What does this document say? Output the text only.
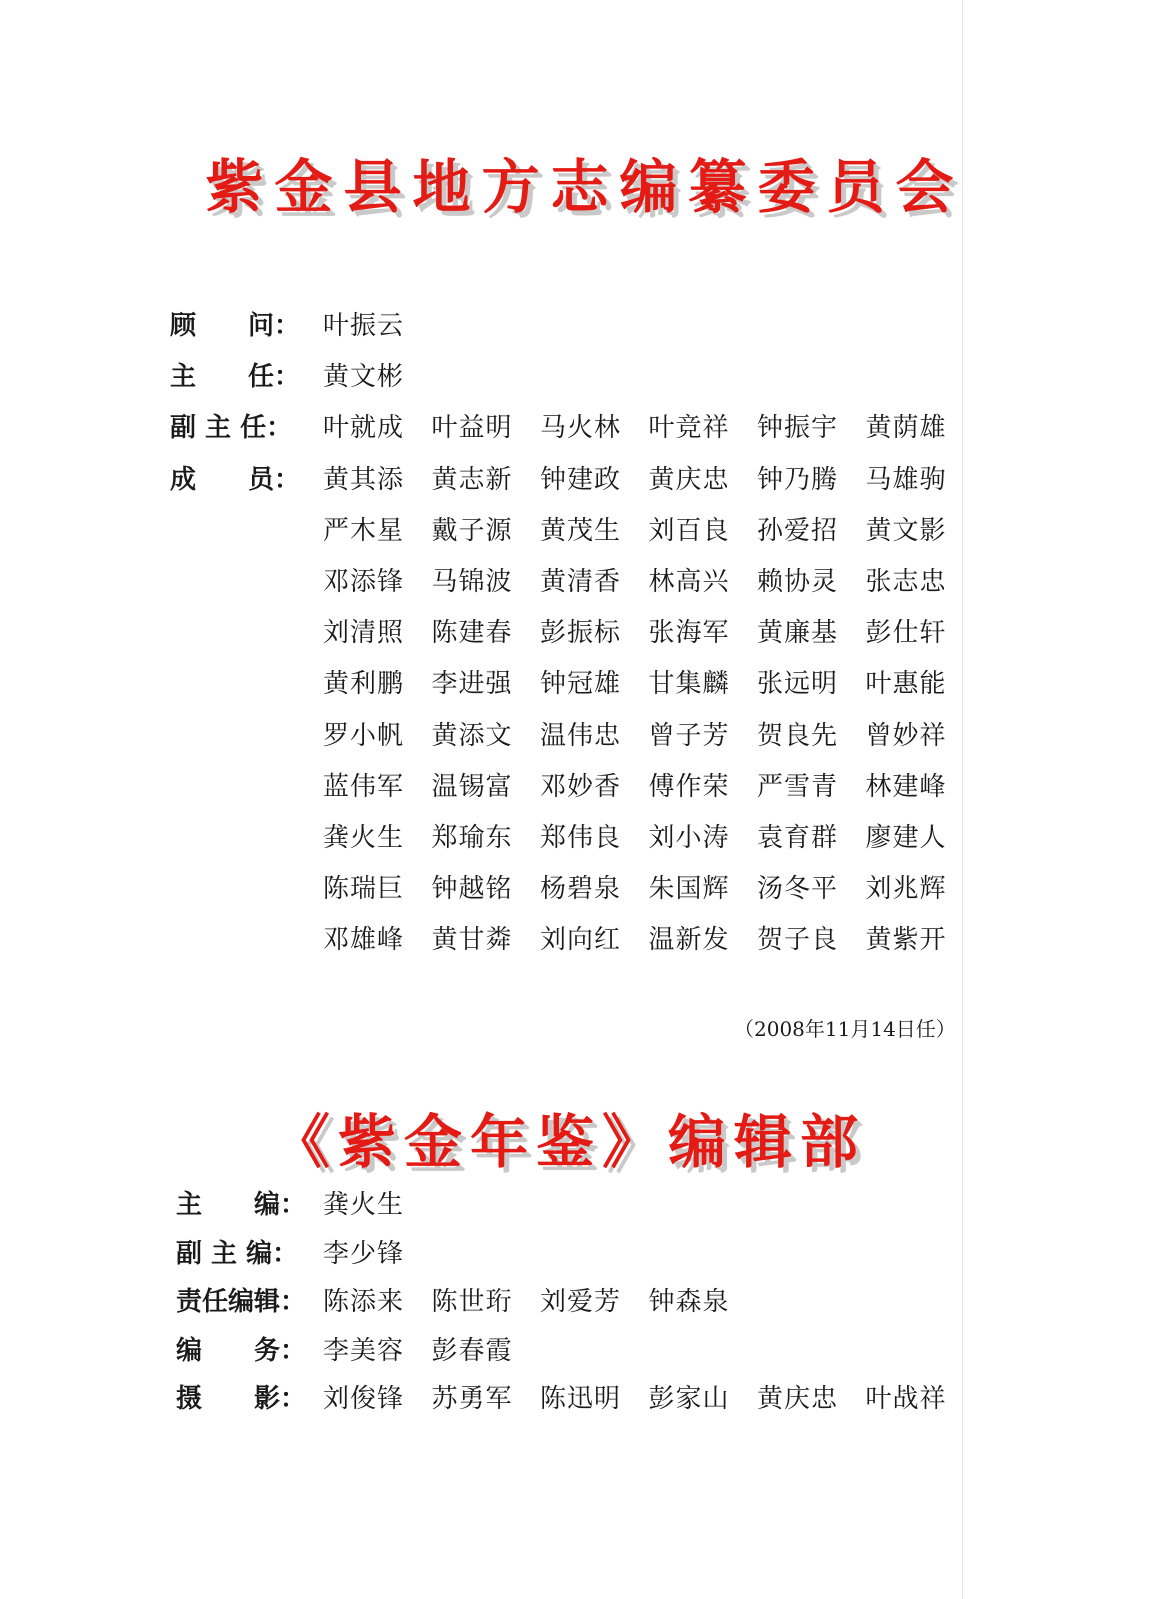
紫金县地方志编纂委员会
顾　　问： 叶振云
主　　任： 黄文彬
副 主 任： 叶就成 叶益明 马火林 叶竞祥 钟振宇 黄荫雄
成　　员： 黄其添 黄志新 钟建政 黄庆忠 钟乃腾 马雄驹
严木星 戴子源 黄茂生 刘百良 孙爱招 黄文影
邓添锋 马锦波 黄清香 林高兴 赖协灵 张志忠
刘清照 陈建春 彭振标 张海军 黄廉基 彭仕轩
黄利鹏 李进强 钟冠雄 甘集麟 张远明 叶惠能
罗小帆 黄添文 温伟忠 曾子芳 贺良先 曾妙祥
蓝伟军 温锡富 邓妙香 傅作荣 严雪青 林建峰
龚火生 郑瑜东 郑伟良 刘小涛 袁育群 廖建人
陈瑞巨 钟越铭 杨碧泉 朱国辉 汤冬平 刘兆辉
邓雄峰 黄甘粦 刘向红 温新发 贺子良 黄紫开
（2008年11月14日任）
《紫金年鉴》编辑部
主　　编： 龚火生
副 主 编： 李少锋
责任编辑： 陈添来 陈世珩 刘爱芳 钟森泉
编　　务： 李美容 彭春霞
摄　　影： 刘俊锋 苏勇军 陈迅明 彭家山 黄庆忠 叶战祥
